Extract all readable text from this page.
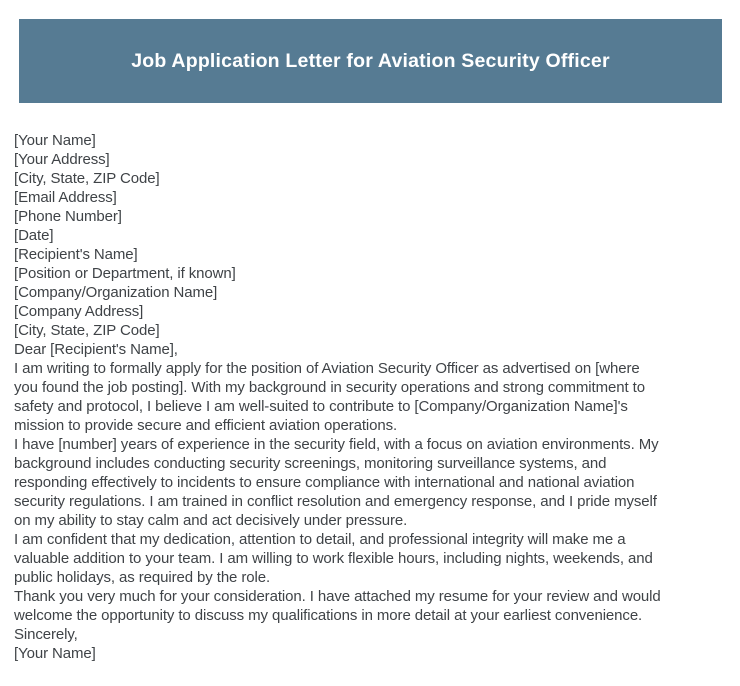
Job Application Letter for Aviation Security Officer
[Your Name]
[Your Address]
[City, State, ZIP Code]
[Email Address]
[Phone Number]
[Date]
[Recipient's Name]
[Position or Department, if known]
[Company/Organization Name]
[Company Address]
[City, State, ZIP Code]
Dear [Recipient's Name],
I am writing to formally apply for the position of Aviation Security Officer as advertised on [where
you found the job posting]. With my background in security operations and strong commitment to
safety and protocol, I believe I am well-suited to contribute to [Company/Organization Name]'s
mission to provide secure and efficient aviation operations.
I have [number] years of experience in the security field, with a focus on aviation environments. My
background includes conducting security screenings, monitoring surveillance systems, and
responding effectively to incidents to ensure compliance with international and national aviation
security regulations. I am trained in conflict resolution and emergency response, and I pride myself
on my ability to stay calm and act decisively under pressure.
I am confident that my dedication, attention to detail, and professional integrity will make me a
valuable addition to your team. I am willing to work flexible hours, including nights, weekends, and
public holidays, as required by the role.
Thank you very much for your consideration. I have attached my resume for your review and would
welcome the opportunity to discuss my qualifications in more detail at your earliest convenience.
Sincerely,
[Your Name]
